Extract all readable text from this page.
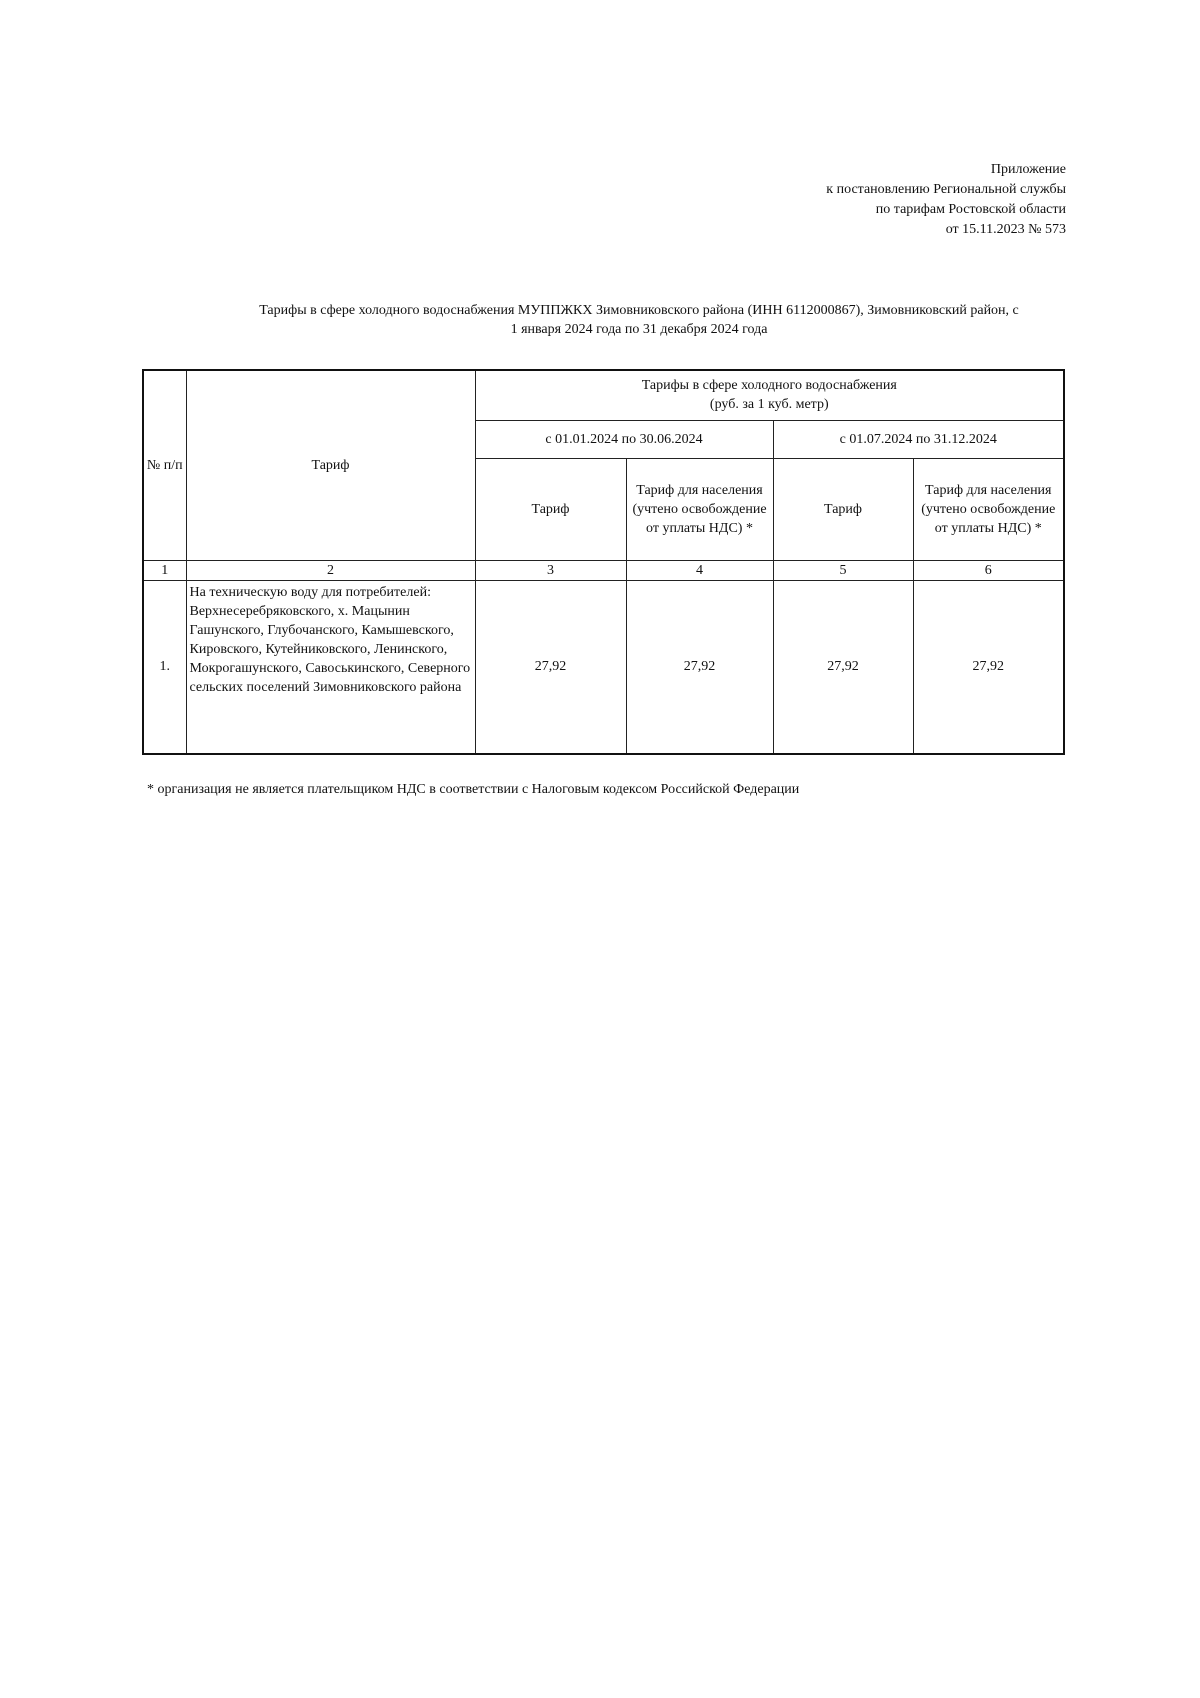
Приложение
к постановлению Региональной службы
по тарифам Ростовской области
от 15.11.2023 № 573
Тарифы в сфере холодного водоснабжения МУППЖКХ Зимовниковского района (ИНН 6112000867), Зимовниковский район, с
1 января 2024 года по 31 декабря 2024 года
№ п/п	Тариф	Тарифы в сфере холодного водоснабжения
(руб. за 1 куб. метр)			

		с 01.01.2024 по 30.06.2024		с 01.07.2024 по 31.12.2024	
		Тариф	Тариф для населения (учтено освобождение от уплаты НДС) *	Тариф	Тариф для населения (учтено освобождение от уплаты НДС) *
1	2	3	4	5	6
1.	На техническую воду для потребителей: Верхнесеребряковского, х. Мацынин Гашунского, Глубочанского, Камышевского, Кировского, Кутейниковского, Ленинского, Мокрогашунского, Савоськинского, Северного сельских поселений Зимовниковского района	27,92	27,92	27,92	27,92
* организация не является плательщиком НДС в соответствии с Налоговым кодексом Российской Федерации
